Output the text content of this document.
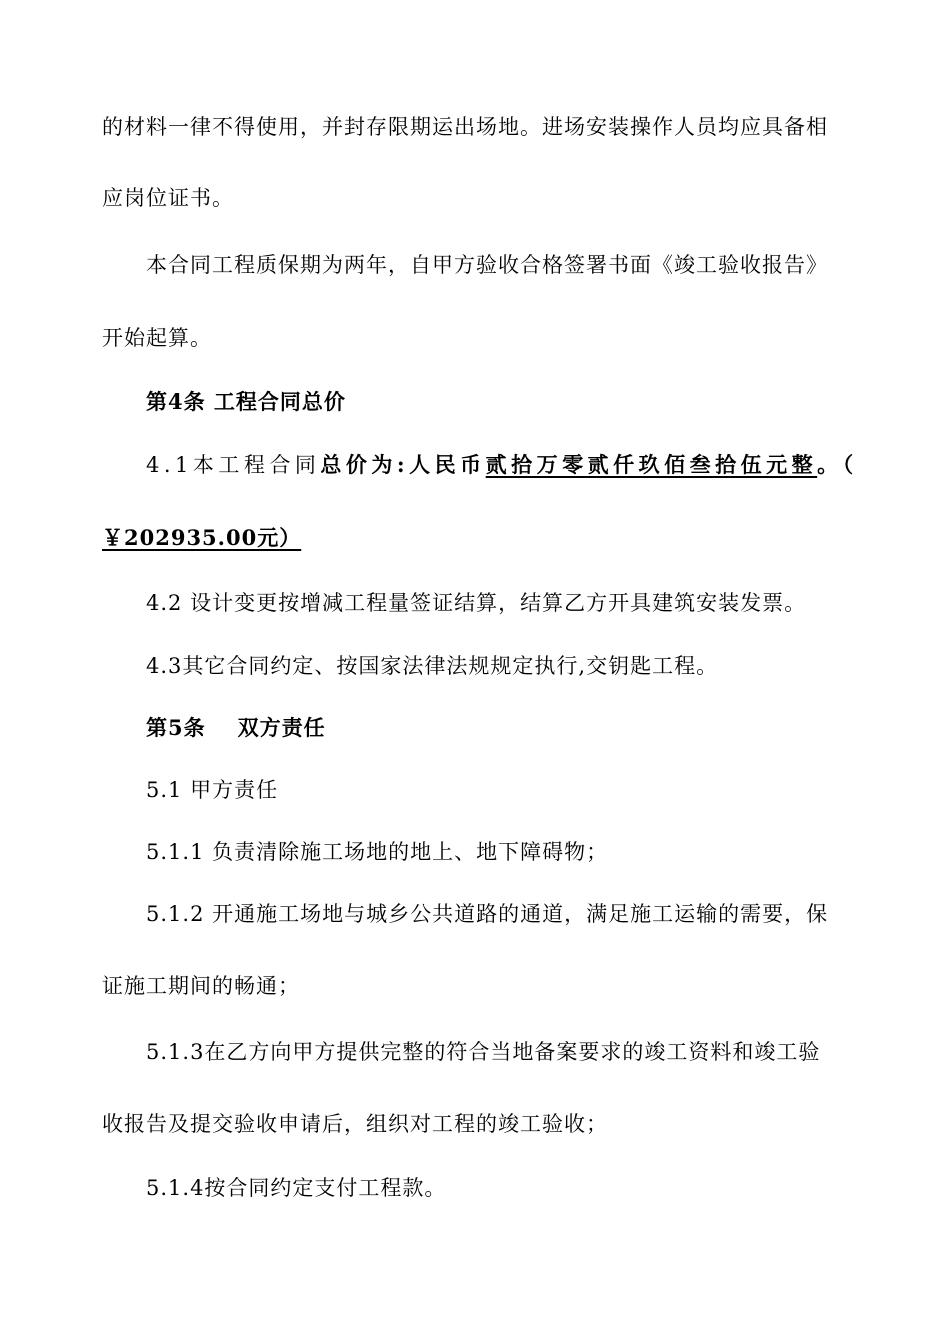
的材料一律不得使用，并封存限期运出场地。进场安装操作人员均应具备相
应岗位证书。
本合同工程质保期为两年，自甲方验收合格签署书面《竣工验收报告》
开始起算。
第4条 工程合同总价
4.1本工程合同总价为:人民币贰拾万零贰仟玖佰叁拾伍元整。（
￥202935.00元）
4.2 设计变更按增减工程量签证结算，结算乙方开具建筑安装发票。
4.3其它合同约定、按国家法律法规规定执行,交钥匙工程。
第5条 双方责任
5.1 甲方责任
5.1.1 负责清除施工场地的地上、地下障碍物；
5.1.2 开通施工场地与城乡公共道路的通道，满足施工运输的需要，保
证施工期间的畅通；
5.1.3在乙方向甲方提供完整的符合当地备案要求的竣工资料和竣工验
收报告及提交验收申请后，组织对工程的竣工验收；
5.1.4按合同约定支付工程款。
